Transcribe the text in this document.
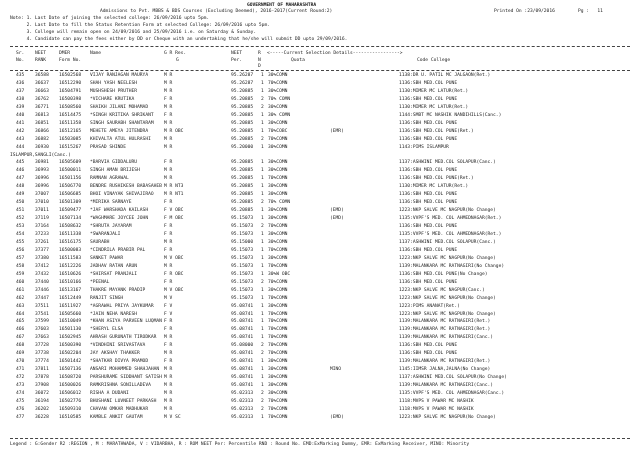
GOVERNMENT OF MAHARASHTRA
Admissions to Pvt. MBBS & BDS Courses (Excluding Deemed), 2016-2017(Current Round:2)	Printed On :23/09/2016	Pg :   11
Note: 1. Last Date of joining the selected college: 26/09/2016 upto 5pm.
2. Last Date to fill the Status Retention Form at selected College: 26/09/2016 upto 5pm.
3. College will remain open on 24/09/2016 and 25/09/2016 i.e. on Saturday & Sunday.
4. Candidate can pay the fees either by DD or Cheque with an undertaking that he/she will submit DD upto 29/09/2016.
Sr. NEET	DMER	Name	G R Res.	NEET	R <-----Current Selection Details----------------->
No. RANK	Form No.	G	Per.	N	Quota	Code College
D
435 36588 16502568 VIJAY RANJAGAN MAURYA	M R	95.26287 1 30%COMN	1138:DR U. PATIL MC JALGAON(Ret.)
436 36637 16512290 SHAH YASH NEELESH	M R	95.26287 1 70%COMN	1136:SBH MED.COL PUNE
437 36663 16504791 MUSHSHESH PRUTHER	M R	95.20885 1 30%COMN	1130:MIMER MC LATUR(Ret.)
438 36762 16500398 *VICHARE KRUTIKA	F R	95.20885 2 70% COMN	1136:SBH MED.COL PUNE
439 36771 16508560 SHAIKH JILANI MOHAMAD	M R	95.20885 2 30%COMN	1130:MIMER MC LATUR(Ret.)
440 36813 16514475 *SINGH KRITIKA SHRIKANT F R	95.20885 1 30% COMN	1144:SMBT MC NASHIK NANDIHILLS(Canc.)
441 36851 16511358 SINGH SAURABH SHANTARAM M R	95.20885 1 30%COMN	1136:SBH MED.COL PUNE
442 36866 16512165 MEHETE AMEYA JITENDRA	M R OBC	95.20885 1 70%COBC	(EMR)	1136:SBH MED.COL PUNE(Ret.)
443 36882 16503085 KHIVALTA ATUL HULRASHI	M R	95.20885 2 70%COMN	1136:SBH MED.COL PUNE
444 36930 16515267 PRASAD SHINDE	M R	95.20000 1 30%COMN	1143:PIMS ISLAMPUR
ISLAMPUR,SANGLI(Canc.)
445 36981 16505609 *BARVIA GIDDALURU	F R	95.20885 1 30%COMN	1137:ASHWINI MED.COL SOLAPUR(Canc.)
446 36993 16500011 SINGH AMAN BRIJESH	M R	95.20885 1 30%COMN	1136:SBH MED.COL PUNE
447 36996 16501156 RAMNAN AGRAWAL	M R	95.20885 1 70%COMN	1136:SBH MED.COL PUNE(Ret.)
448 36996 16506770 BENDRE RUSHIKESH BABASAHEB M R NT3	95.20885 1 30%COMN	1130:MIMER MC LATUR(Ret.)
449 37007 16506685 BHOI VINAYAK SHIVAJIRAO M R NT1	95.20885 1 30%COMN	1136:SBH MED.COL PUNE
450 37010 16501309 *MIRIKA SARNAYE	F R	95.20885 2 70% COMN	1136:SBH MED.COL PUNE
451 37011 16509477 *JAF WARSHADA KAILASH	F V OBC	95.20885 1 30%COMN	(EMD)	1223:NKP SALVE MC NAGPUR(No Change)
452 37119 16507134 *WAGHMARE JOYCEE JOHN	F M OBC	95.15073 1 30%COMN	(EMD)	1135:VVPF'S MED. COL AHMEDNAGAR(Ret.)
453 37164 16508632 *SHRUTA JAYARAM	F R	95.15073 2 70%COMN	1136:SBH MED.COL PUNE
454 37233 16511338 *SWARANJALI	F R	95.15073 1 30%COMN	1135:VVPF'S MED. COL AHMEDNAGAR(Ret.)
455 37261 16516175 SAURABH	M R	95.15000 1 30%COMN	1137:ASHWINI MED.COL SOLAPUR(Canc.)
456 37377 16500083 *CINDRILA PRABIR PAL	F R	95.15073 1 70%COMN	1136:SBH MED.COL PUNE
457 37380 16511583 SANKET PAWAR	M V OBC	95.15073 1 30%COMN	1223:NKP SALVE MC NAGPUR(No Change)
458 37412 16512226 JADHAV RATAN ARUN	M R	95.15073 1 70%COMN	1139:MALANKARA MC RATNAGIRI(No Change)
459 37432 16510626 *SHIRSAT PRANJALI	F R OBC	95.15073 1 30%W OBC	1136:SBH MED.COL PUNE(No Change)
460 37440 16510166 *PEENAL	F R	95.15073 2 70%COMN	1136:SBH MED.COL PUNE
461 37446 16513167 THAKRE MAYANK PRADIP	M V OBC	95.15073 1 30%COMN	1223:NKP SALVE MC NAGPUR(Canc.)
462 37447 16512449 RANJIT SINGH	M V	95.15073 1 70%COMN	1223:NKP SALVE MC NAGPUR(No Change)
463 37511 16511927 *AGRAWAL PRIYA JAYKUMAR F V	95.08741 1 30%COMN	1223:PIMS ANANAT(Ret.)
464 37541 16505660 *JAIN NEHA NARESH	F V	95.08741 1 70%COMN	1223:NKP SALVE MC NAGPUR(No Change)
465 37599 16510049 *KHAN ASIYA PARVEEN LUQMAN F R	95.08741 1 70%COMN	1139:MALANKARA MC RATNAGIRI(Ret.)
466 37603 16501130 *SHERYL ELSA	F R	95.08741 1 70%COMN	1139:MALANKARA MC RATNAGIRI(Ret.)
467 37663 16502945 AHRASH GURUNATH TIRODKAR M R	95.08741 1 70%COMN	1139:MALANKARA MC RATNAGIRI(Canc.)
468 37728 16500390 *VINDHINI SRIVASTAVA	F R	95.08000 2 70%COMN	1136:SBH MED.COL PUNE
469 37738 16502204 JAY AKSHAY THAKKER	M R	95.08741 2 70%COMN	1136:SBH MED.COL PUNE
470 37774 16501442 *SHATKAR DIVYA PRAMOD	F R	95.08741 1 30%COMN	1139:MALANKARA MC RATNAGIRI(Ret.)
471 37811 16507136 ANSARI MOHAMMED SHAHJAHAN M R	95.08741 1 30%COMN	MINO	1145:IIMSR JALNA,JALNA(No Change)
472 37878 16508720 PARSHURAME SIDDHANT SATISH M R	95.08741 1 30%COMN	1137:ASHWINI MED.COL SOLAPUR(No Change)
473 37908 16500026 RAMKRISHNA SONILLADEVA	M R	95.08741 1 30%COMN	1139:MALANKARA MC RATNAGIRI(Canc.)
474 36072 16506012 RISHA A DUDANI	M R	95.02313 2 30%COMN	1135:VVPF'S MED. COL AHMEDNAGAR(Canc.)
475 36194 16502776 BHUSHANI LUVNEET PARKASH M R	95.02313 2 70%COMN	1118:MVPS V PAWAR MC NASHIK
476 36202 16509310 CHAVAN OMKAR MADHUKAR	M R	95.02313 2 70%COMN	1118:MVPS V PAWAR MC NASHIK
477 36228 16510585 KAMBLE ANKIT GAUTAM	M V SC	95.02313 1 70%COMN	(EMD)	1223:NKP SALVE MC NAGPUR(No Change)
Legend : G:Gender R2 :REGION , M : MARATHWADA, V : VIDARBHA, R : ROM NEET Per: Percentile RND : Round No. EMD:ExMarking Dummy, EMR: ExMarking Receiver, MINO: Minority
